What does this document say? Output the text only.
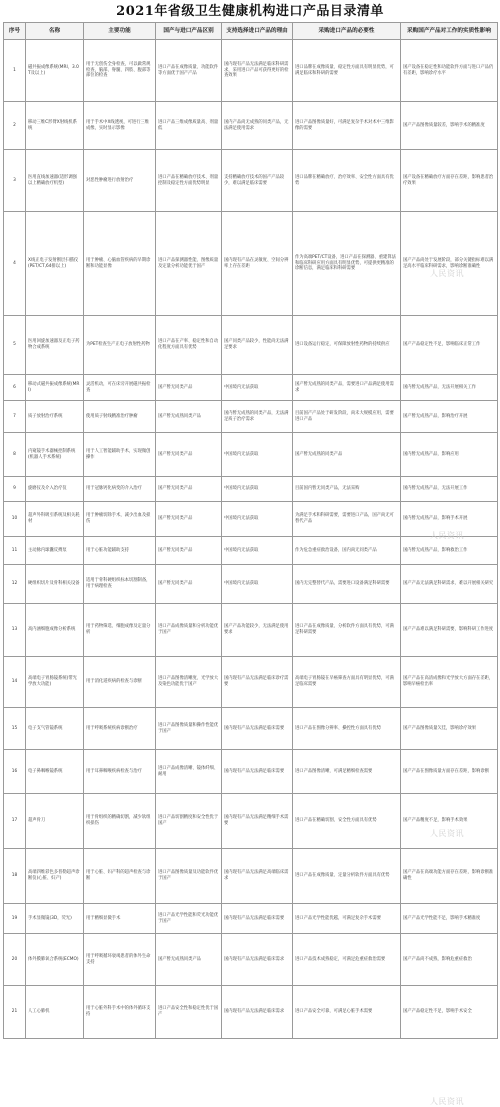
2021年省级卫生健康机构进口产品目录清单
序号	名称	主要功能	国产与进口产品区别	支持选择进口产品的理由	采购进口产品的必要性	采购国产产品对工作的实质性影响
1	磁共振成像系统(MRI，3.0T及以上)	用于无创伤全身检查，可以做常规检查，脑部、脊髓、四肢、腹部等部位的检查	进口产品在成像质量、功能软件等方面优于国产产品	国内现有产品无法满足临床科研需求，采用进口产品可获得更好的检查效果	进口品牌在成像质量、稳定性方面具有明显优势，可满足临床和科研的需要	国产设备在稳定性和功能软件方面与进口产品仍有差距，影响诊疗水平
2	移动三维C形臂X射线机系统	用于手术中X线透视，可进行三维成像，实时显示影像	进口产品三维成像质量高、剂量低	国内产品尚无成熟的同类产品，无法满足使用需求	进口产品图像质量好，可满足复杂手术对术中三维影像的需要	国产产品图像质量较差，影响手术的精准度
3	医用直线加速器(适形调强以上精确放疗机型)	对恶性肿瘤进行放射治疗	进口产品在精确放疗技术、剂量控制及稳定性方面优势明显	支持精确放疗技术的国产产品较少，难以满足临床需要	进口品牌在精确放疗、治疗效率、安全性方面具有优势	国产设备在精确放疗方面存在差距，影响患者治疗效果
4	X线正电子发射断层扫描仪(PET/CT,64排以上)	用于肿瘤、心脑血管疾病的早期诊断和功能显像	进口产品探测器性能、图像质量及定量分析功能优于国产	国内现有产品在灵敏度、空间分辨率上存在差距	作为高端PET/CT设备，进口产品在探测器、重建算法和临床科研应用方面具有明显优势，可提供更精准的诊断信息，满足临床和科研需要	国产产品尚处于发展阶段，部分关键指标难以满足高水平临床科研需求，影响诊断准确性
5	医用回旋加速器及正电子药物合成系统	为PET检查生产正电子放射性药物	进口产品在产率、稳定性和自动化程度方面具有优势	国产同类产品较少，性能尚无法满足要求	进口设备运行稳定，可保障放射性药物的持续供应	国产产品稳定性不足，影响临床正常工作
6	移动式磁共振成像系统(MRI)	灵活机动，可在床旁开展磁共振检查	国产暂无同类产品	中国境内无法获取	国产暂无成熟的同类产品，需要进口产品满足使用需求	国内暂无成熟产品，无法开展相关工作
7	质子放射治疗系统	使用质子射线精准治疗肿瘤	国产暂无成熟同类产品	国内暂无成熟的同类产品，无法满足质子治疗需求	目前国产产品处于研发阶段，尚未大规模应用，需要进口产品	国产暂无成熟产品，影响治疗开展
8	内窥镜手术器械控制系统(机器人手术系统)	用于人工智能辅助手术，实现微创操作	国产暂无同类产品	中国境内无法获取	国产暂无成熟的同类产品	国内暂无成熟产品，影响应用
9	旋磨仪及介入治疗仪	用于冠脉钙化病变的介入治疗	国产暂无同类产品	中国境内无法获取	目前国内暂无同类产品，无法采购	国内暂无成熟产品，无法开展工作
10	超声外科吸引系统及相关耗材	用于肿瘤切除手术，减少出血及损伤	国产暂无同类产品	中国境内无法获取	为满足手术和科研需要，需要进口产品，国产尚无可替代产品	国内暂无成熟产品，影响手术开展
11	主动脉内球囊反搏泵	用于心脏功能辅助支持	国产暂无同类产品	中国境内无法获取	作为危急重症救治设备，国内尚无同类产品	国内暂无成熟产品，影响救治工作
12	硬组织切片及骨科相关设备	适用于骨科硬组织标本切割制备，用于病理检查	国产暂无同类产品	中国境内无法获取	国内无完整替代产品，需要进口设备满足科研需要	国产产品无法满足科研需求，难以开展相关研究
13	高内涵细胞成像分析系统	用于药物筛选、细胞成像及定量分析	进口产品成像质量和分析功能优于国产	国产产品功能较少，无法满足使用要求	进口产品在成像质量、分析软件方面具有优势，可满足科研需要	国产产品难以满足科研需要，影响科研工作进度
14	高端电子胃肠镜系统(带光学放大功能)	用于消化道疾病的检查与诊断	进口产品图像清晰度、光学放大及染色功能优于国产	国内现有产品无法满足临床诊疗需要	高端电子胃肠镜在早癌筛查方面具有明显优势，可满足临床需要	国产产品在高清成像和光学放大方面存在差距，影响早癌检出率
15	电子支气管镜系统	用于呼吸系统疾病诊断治疗	进口产品图像质量和操作性能优于国产	国内现有产品无法满足临床需要	进口产品在图像分辨率、操控性方面具有优势	国产产品图像质量欠佳，影响诊疗效果
16	电子鼻咽喉镜系统	用于耳鼻咽喉疾病检查与治疗	进口产品成像清晰、镜体纤细、耐用	国内现有产品无法满足临床需要	进口产品图像清晰，可满足精细检查需要	国产产品在图像质量方面存在差距，影响诊断
17	超声骨刀	用于骨组织的精确切割，减少软组织损伤	进口产品切割精度和安全性优于国产	国内现有产品无法满足精细手术需要	进口产品在精确切割、安全性方面具有优势	国产产品精度不足，影响手术效果
18	高端四维彩色多普勒超声诊断仪(心脏、妇产)	用于心脏、妇产科的超声检查与诊断	进口产品图像质量及功能软件优于国产	国内现有产品无法满足高端临床需求	进口产品在成像质量、定量分析软件方面具有优势	国产产品在高端功能方面存在差距，影响诊断准确性
19	手术显微镜(3D，荧光)	用于精细显微手术	进口产品光学性能和荧光功能优于国产	国内现有产品无法满足临床需要	进口产品光学性能优越，可满足复杂手术需要	国产产品光学性能不足，影响手术精准度
20	体外膜肺氧合系统(ECMO)	用于呼吸循环衰竭患者的体外生命支持	国产暂无成熟同类产品	国内现有产品无法满足临床需求	进口产品技术成熟稳定，可满足危重症救治需要	国产产品尚不成熟，影响危重症救治
21	人工心肺机	用于心脏外科手术中的体外循环支持	进口产品安全性和稳定性优于国产	国内现有产品无法满足临床需求	进口产品安全可靠，可满足心脏手术需要	国产产品稳定性不足，影响手术安全
人民资讯
人民资讯
人民资讯
人民资讯
